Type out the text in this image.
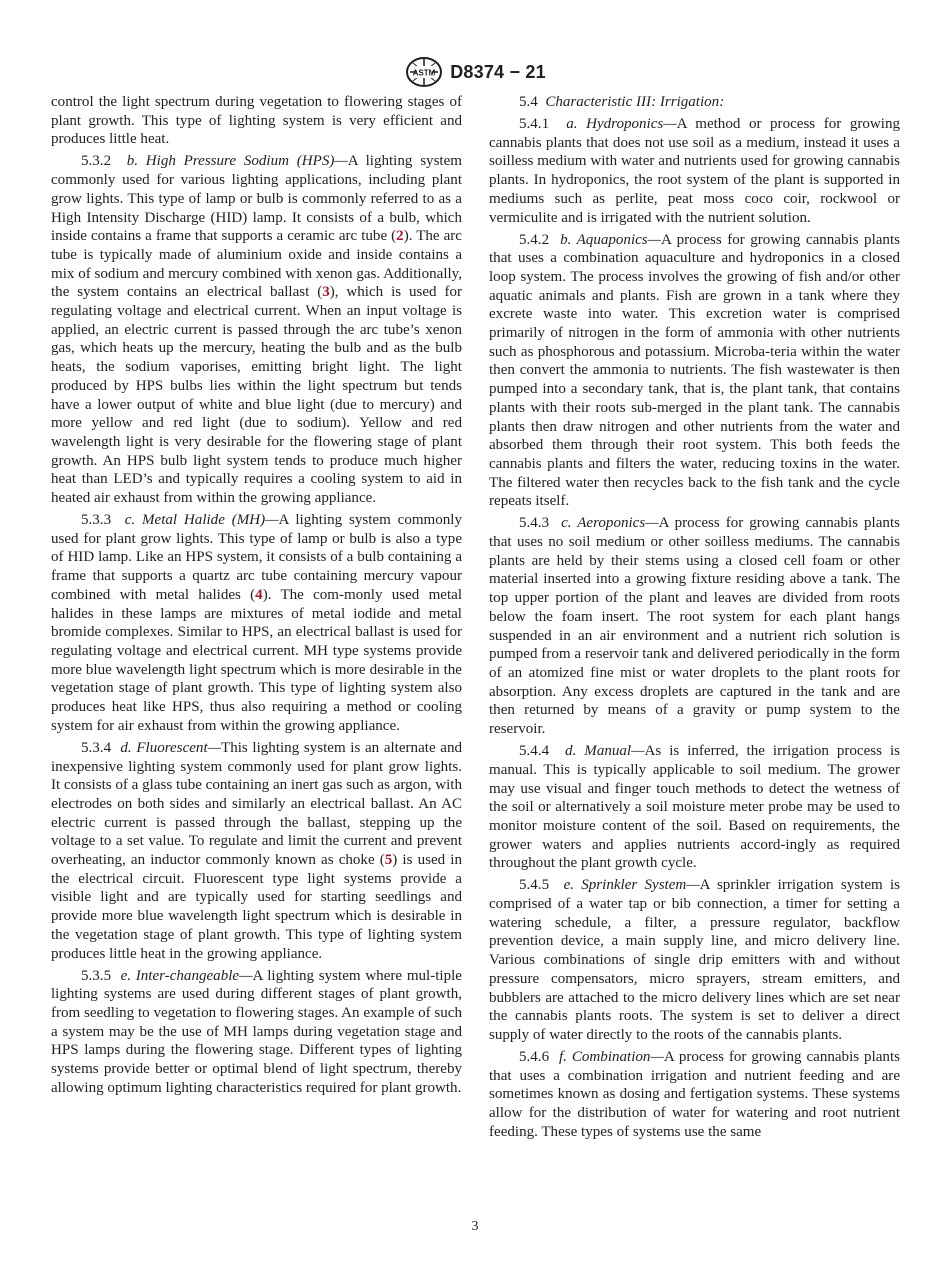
ASTM D8374 − 21

control the light spectrum during vegetation to flowering stages of plant growth. This type of lighting system is very efficient and produces little heat.

5.3.2 b. High Pressure Sodium (HPS)—A lighting system commonly used for various lighting applications, including plant grow lights. This type of lamp or bulb is commonly referred to as a High Intensity Discharge (HID) lamp. It consists of a bulb, which inside contains a frame that supports a ceramic arc tube (2). The arc tube is typically made of aluminium oxide and inside contains a mix of sodium and mercury combined with xenon gas. Additionally, the system contains an electrical ballast (3), which is used for regulating voltage and electrical current. When an input voltage is applied, an electric current is passed through the arc tube’s xenon gas, which heats up the mercury, heating the bulb and as the bulb heats, the sodium vaporises, emitting bright light. The light produced by HPS bulbs lies within the light spectrum but tends have a lower output of white and blue light (due to mercury) and more yellow and red light (due to sodium). Yellow and red wavelength light is very desirable for the flowering stage of plant growth. An HPS bulb light system tends to produce much higher heat than LED’s and typically requires a cooling system to aid in heated air exhaust from within the growing appliance.

5.3.3 c. Metal Halide (MH)—A lighting system commonly used for plant grow lights. This type of lamp or bulb is also a type of HID lamp. Like an HPS system, it consists of a bulb containing a frame that supports a quartz arc tube containing mercury vapour combined with metal halides (4). The com-monly used metal halides in these lamps are mixtures of metal iodide and metal bromide complexes. Similar to HPS, an electrical ballast is used for regulating voltage and electrical current. MH type systems provide more blue wavelength light spectrum which is more desirable in the vegetation stage of plant growth. This type of lighting system also produces heat like HPS, thus also requiring a method or cooling system for air exhaust from within the growing appliance.

5.3.4 d. Fluorescent—This lighting system is an alternate and inexpensive lighting system commonly used for plant grow lights. It consists of a glass tube containing an inert gas such as argon, with electrodes on both sides and similarly an electrical ballast. An AC electric current is passed through the ballast, stepping up the voltage to a set value. To regulate and limit the current and prevent overheating, an inductor commonly known as choke (5) is used in the electrical circuit. Fluorescent type light systems provide a visible light and are typically used for starting seedlings and provide more blue wavelength light spectrum which is desirable in the vegetation stage of plant growth. This type of lighting system produces little heat in the growing appliance.

5.3.5 e. Inter-changeable—A lighting system where mul-tiple lighting systems are used during different stages of plant growth, from seedling to vegetation to flowering stages. An example of such a system may be the use of MH lamps during vegetation stage and HPS lamps during the flowering stage. Different types of lighting systems provide better or optimal blend of light spectrum, thereby allowing optimum lighting characteristics required for plant growth.

5.4 Characteristic III: Irrigation:

5.4.1 a. Hydroponics—A method or process for growing cannabis plants that does not use soil as a medium, instead it uses a soilless medium with water and nutrients used for growing cannabis plants. In hydroponics, the root system of the plant is supported in mediums such as perlite, peat moss coco coir, rockwool or vermiculite and is irrigated with the nutrient solution.

5.4.2 b. Aquaponics—A process for growing cannabis plants that uses a combination aquaculture and hydroponics in a closed loop system. The process involves the growing of fish and/or other aquatic animals and plants. Fish are grown in a tank where they excrete waste into water. This excretion water is comprised primarily of nitrogen in the form of ammonia with other nutrients such as phosphorous and potassium. Microba-teria within the water then convert the ammonia to nutrients. The fish wastewater is then pumped into a secondary tank, that is, the plant tank, that contains plants with their roots sub-merged in the plant tank. The cannabis plants then draw nitrogen and other nutrients from the water and absorbed them through their root system. This both feeds the cannabis plants and filters the water, reducing toxins in the water. The filtered water then recycles back to the fish tank and the cycle repeats itself.

5.4.3 c. Aeroponics—A process for growing cannabis plants that uses no soil medium or other soilless mediums. The cannabis plants are held by their stems using a closed cell foam or other material inserted into a growing fixture residing above a tank. The top upper portion of the plant and leaves are divided from roots below the foam insert. The root system for each plant hangs suspended in an air environment and a nutrient rich solution is pumped from a reservoir tank and delivered periodically in the form of an atomized fine mist or water droplets to the plant roots for absorption. Any excess droplets are captured in the tank and are then returned by means of a gravity or pump system to the reservoir.

5.4.4 d. Manual—As is inferred, the irrigation process is manual. This is typically applicable to soil medium. The grower may use visual and finger touch methods to detect the wetness of the soil or alternatively a soil moisture meter probe may be used to monitor moisture content of the soil. Based on requirements, the grower waters and applies nutrients accord-ingly as required throughout the plant growth cycle.

5.4.5 e. Sprinkler System—A sprinkler irrigation system is comprised of a water tap or bib connection, a timer for setting a watering schedule, a filter, a pressure regulator, backflow prevention device, a main supply line, and micro delivery line. Various combinations of single drip emitters with and without pressure compensators, micro sprayers, stream emitters, and bubblers are attached to the micro delivery lines which are set near the cannabis plants roots. The system is set to deliver a direct supply of water directly to the roots of the cannabis plants.

5.4.6 f. Combination—A process for growing cannabis plants that uses a combination irrigation and nutrient feeding and are sometimes known as dosing and fertigation systems. These systems allow for the distribution of water for watering and root nutrient feeding. These types of systems use the same

3
